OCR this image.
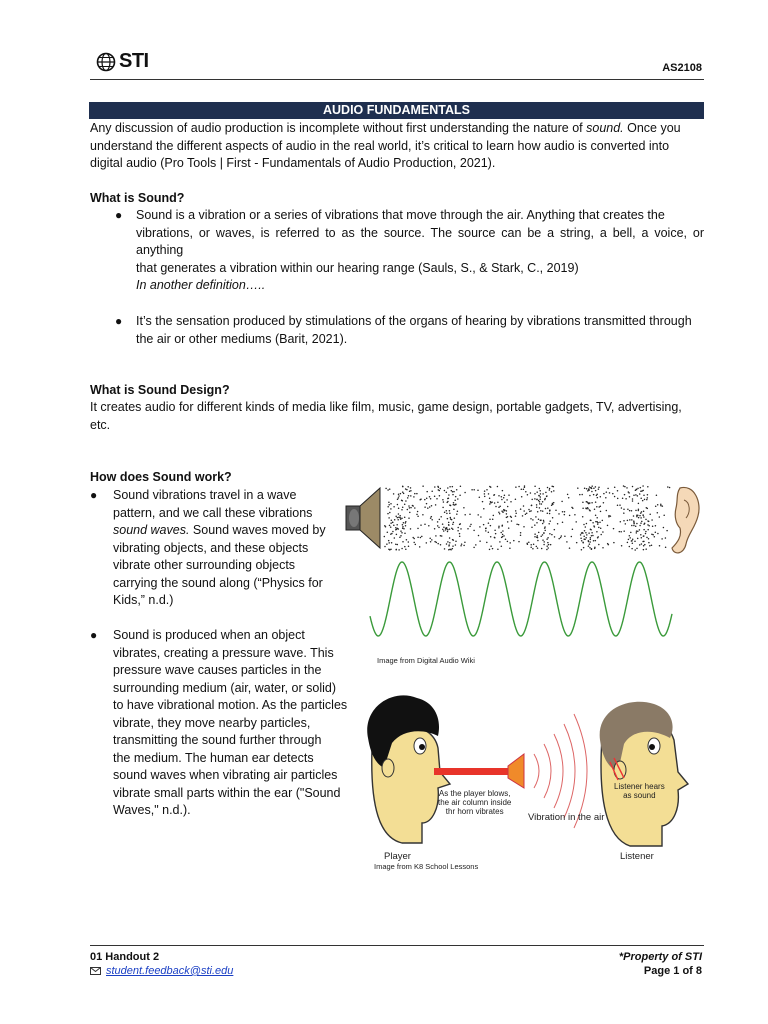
STI	AS2108
AUDIO FUNDAMENTALS
Any discussion of audio production is incomplete without first understanding the nature of sound. Once you
understand the different aspects of audio in the real world, it’s critical to learn how audio is converted into
digital audio (Pro Tools | First - Fundamentals of Audio Production, 2021).
What is Sound?
● Sound is a vibration or a series of vibrations that move through the air. Anything that creates the
vibrations, or waves, is referred to as the source. The source can be a string, a bell, a voice, or anything
that generates a vibration within our hearing range (Sauls, S., & Stark, C., 2019)
In another definition…..
● It’s the sensation produced by stimulations of the organs of hearing by vibrations transmitted through
the air or other mediums (Barit, 2021).
What is Sound Design?
It creates audio for different kinds of media like film, music, game design, portable gadgets, TV, advertising,
etc.
How does Sound work?
● Sound vibrations travel in a wave
pattern, and we call these vibrations
sound waves. Sound waves moved by
vibrating objects, and these objects
vibrate other surrounding objects
carrying the sound along (“Physics for
Kids,” n.d.)
● Sound is produced when an object
vibrates, creating a pressure wave. This
pressure wave causes particles in the
surrounding medium (air, water, or solid)
to have vibrational motion. As the particles
vibrate, they move nearby particles,
transmitting the sound further through
the medium. The human ear detects
sound waves when vibrating air particles
vibrate small parts within the ear ("Sound
Waves," n.d.).
Image from Digital Audio Wiki
As the player blows,
the air column inside
thr horn vibrates
Listener hears
as sound
Vibration in the air
Player	Listener
Image from K8 School Lessons
01 Handout 2
student.feedback@sti.edu
*Property of STI
Page 1 of 8
